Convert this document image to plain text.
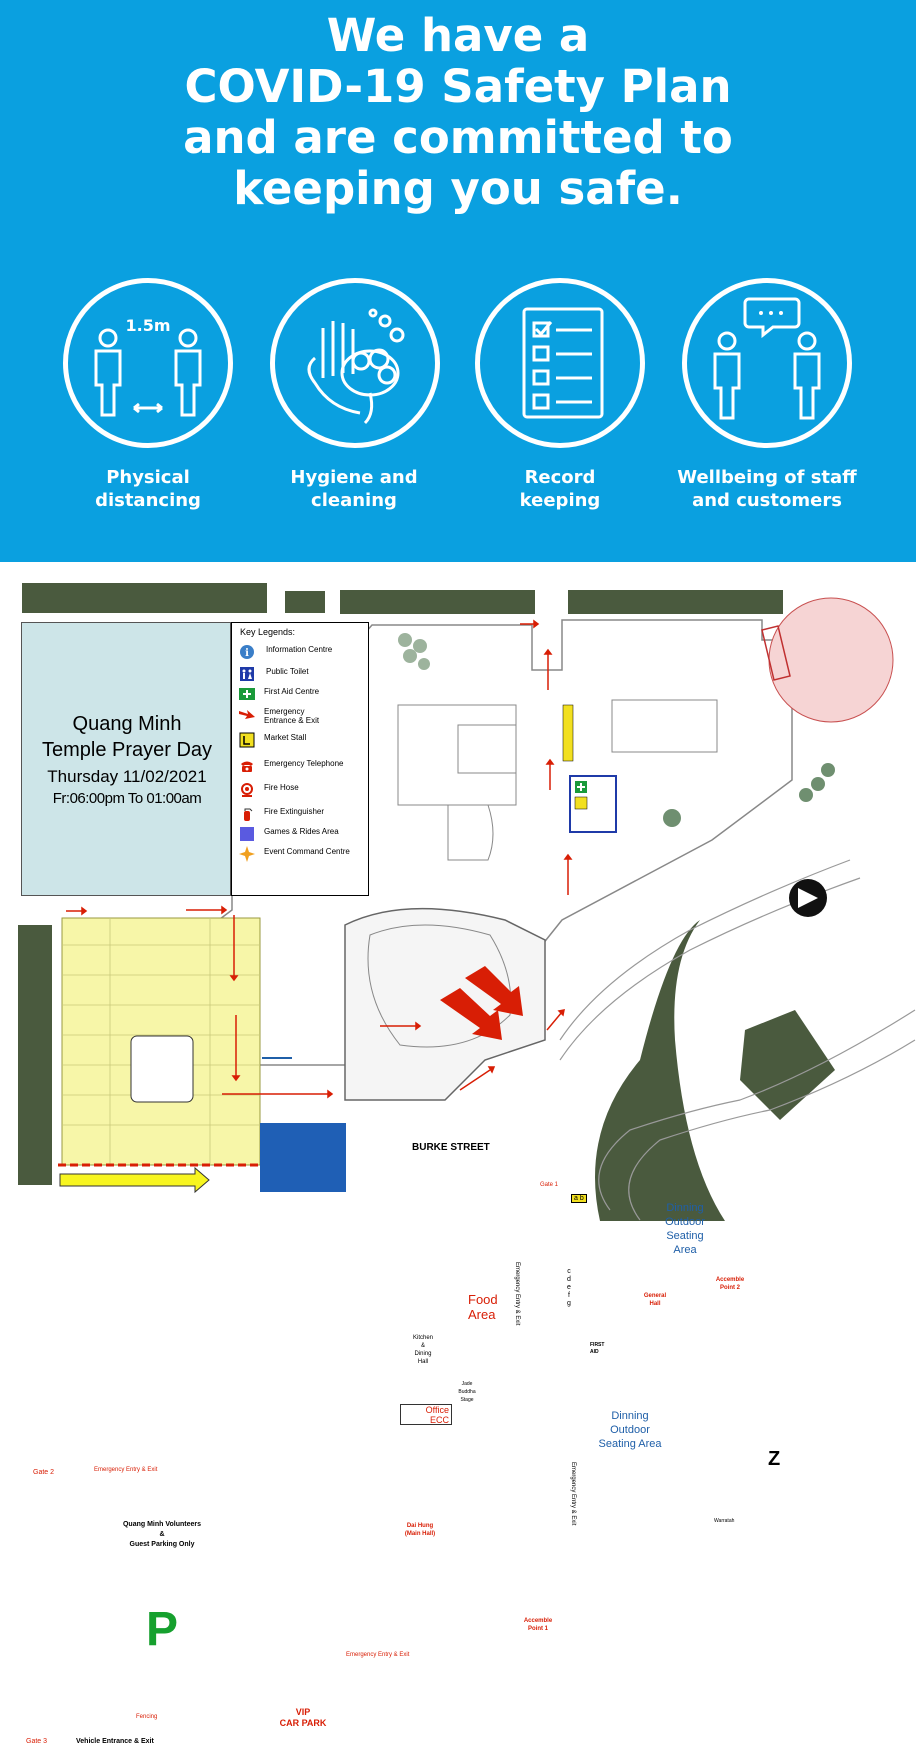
We have a
COVID-19 Safety Plan
and are committed to
keeping you safe.
1.5m
Physical
distancing
Hygiene and
cleaning
Record
keeping
Wellbeing of staff
and customers
BURKE STREET
Gate 1
Gate 2	Emergency Entry & Exit
Gate 3
Emergency Entry & Exit
Emergency Entry & Exit
Emergency Entry & Exit
Food
Area
Kitchen
&
Dining
Hall
Jade
Buddha
Stage
Office
ECC
Dinning
Outdoor
Seating
Area
Dinning
Outdoor
Seating Area
General
Hall
Accemble
Point 2
Accemble
Point 1
Dai Hung
(Main Hall)
FIRST
AID
Quang Minh Volunteers
&
Guest Parking Only
P
Fencing
Vehicle Entrance & Exit
VIP
CAR PARK
Z
Warratah
Sleeping
Area
c
d
e
f
g
a b
Quang Minh
Temple Prayer Day
Thursday 11/02/2021
Fr:06:00pm To 01:00am
Key Legends:
i Information Centre
Public Toilet
First Aid Centre
Emergency
Entrance & Exit
Market Stall
Emergency Telephone
Fire Hose
Fire Extinguisher
Games & Rides Area
Event Command Centre
